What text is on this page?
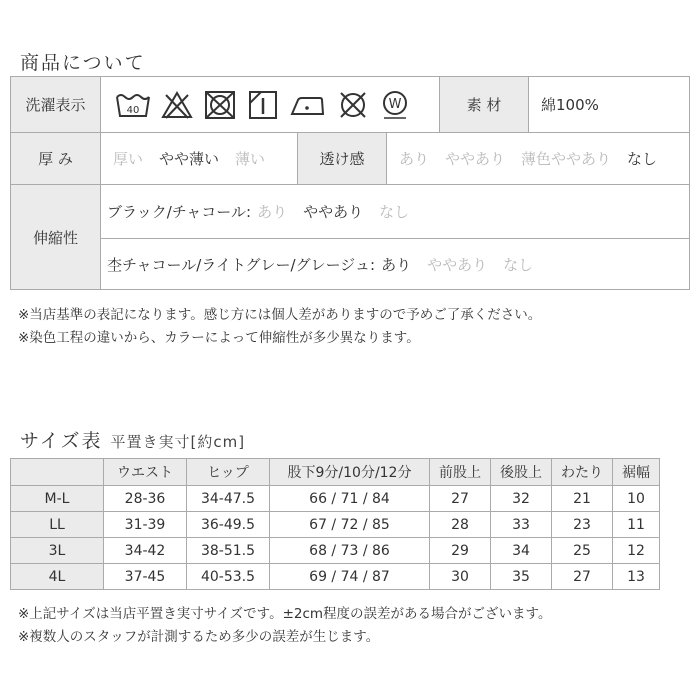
商品について
洗濯表示	40	W	素 材	綿100%
厚 み	厚い やや薄い 薄い	透け感	あり ややあり 薄色ややあり なし
伸縮性
ブラック/チャコール: あり ややあり なし
杢チャコール/ライトグレー/グレージュ: あり ややあり なし
※当店基準の表記になります。感じ方には個人差がありますので予めご了承ください。
※染色工程の違いから、カラーによって伸縮性が多少異なります。
サイズ表 平置き実寸[約cm]
	ウエスト	ヒップ	股下9分/10分/12分	前股上	後股上	わたり	裾幅
M-L	28-36	34-47.5	66 / 71 / 84	27	32	21	10
LL	31-39	36-49.5	67 / 72 / 85	28	33	23	11
3L	34-42	38-51.5	68 / 73 / 86	29	34	25	12
4L	37-45	40-53.5	69 / 74 / 87	30	35	27	13
※上記サイズは当店平置き実寸サイズです。±2cm程度の誤差がある場合がございます。
※複数人のスタッフが計測するため多少の誤差が生じます。
